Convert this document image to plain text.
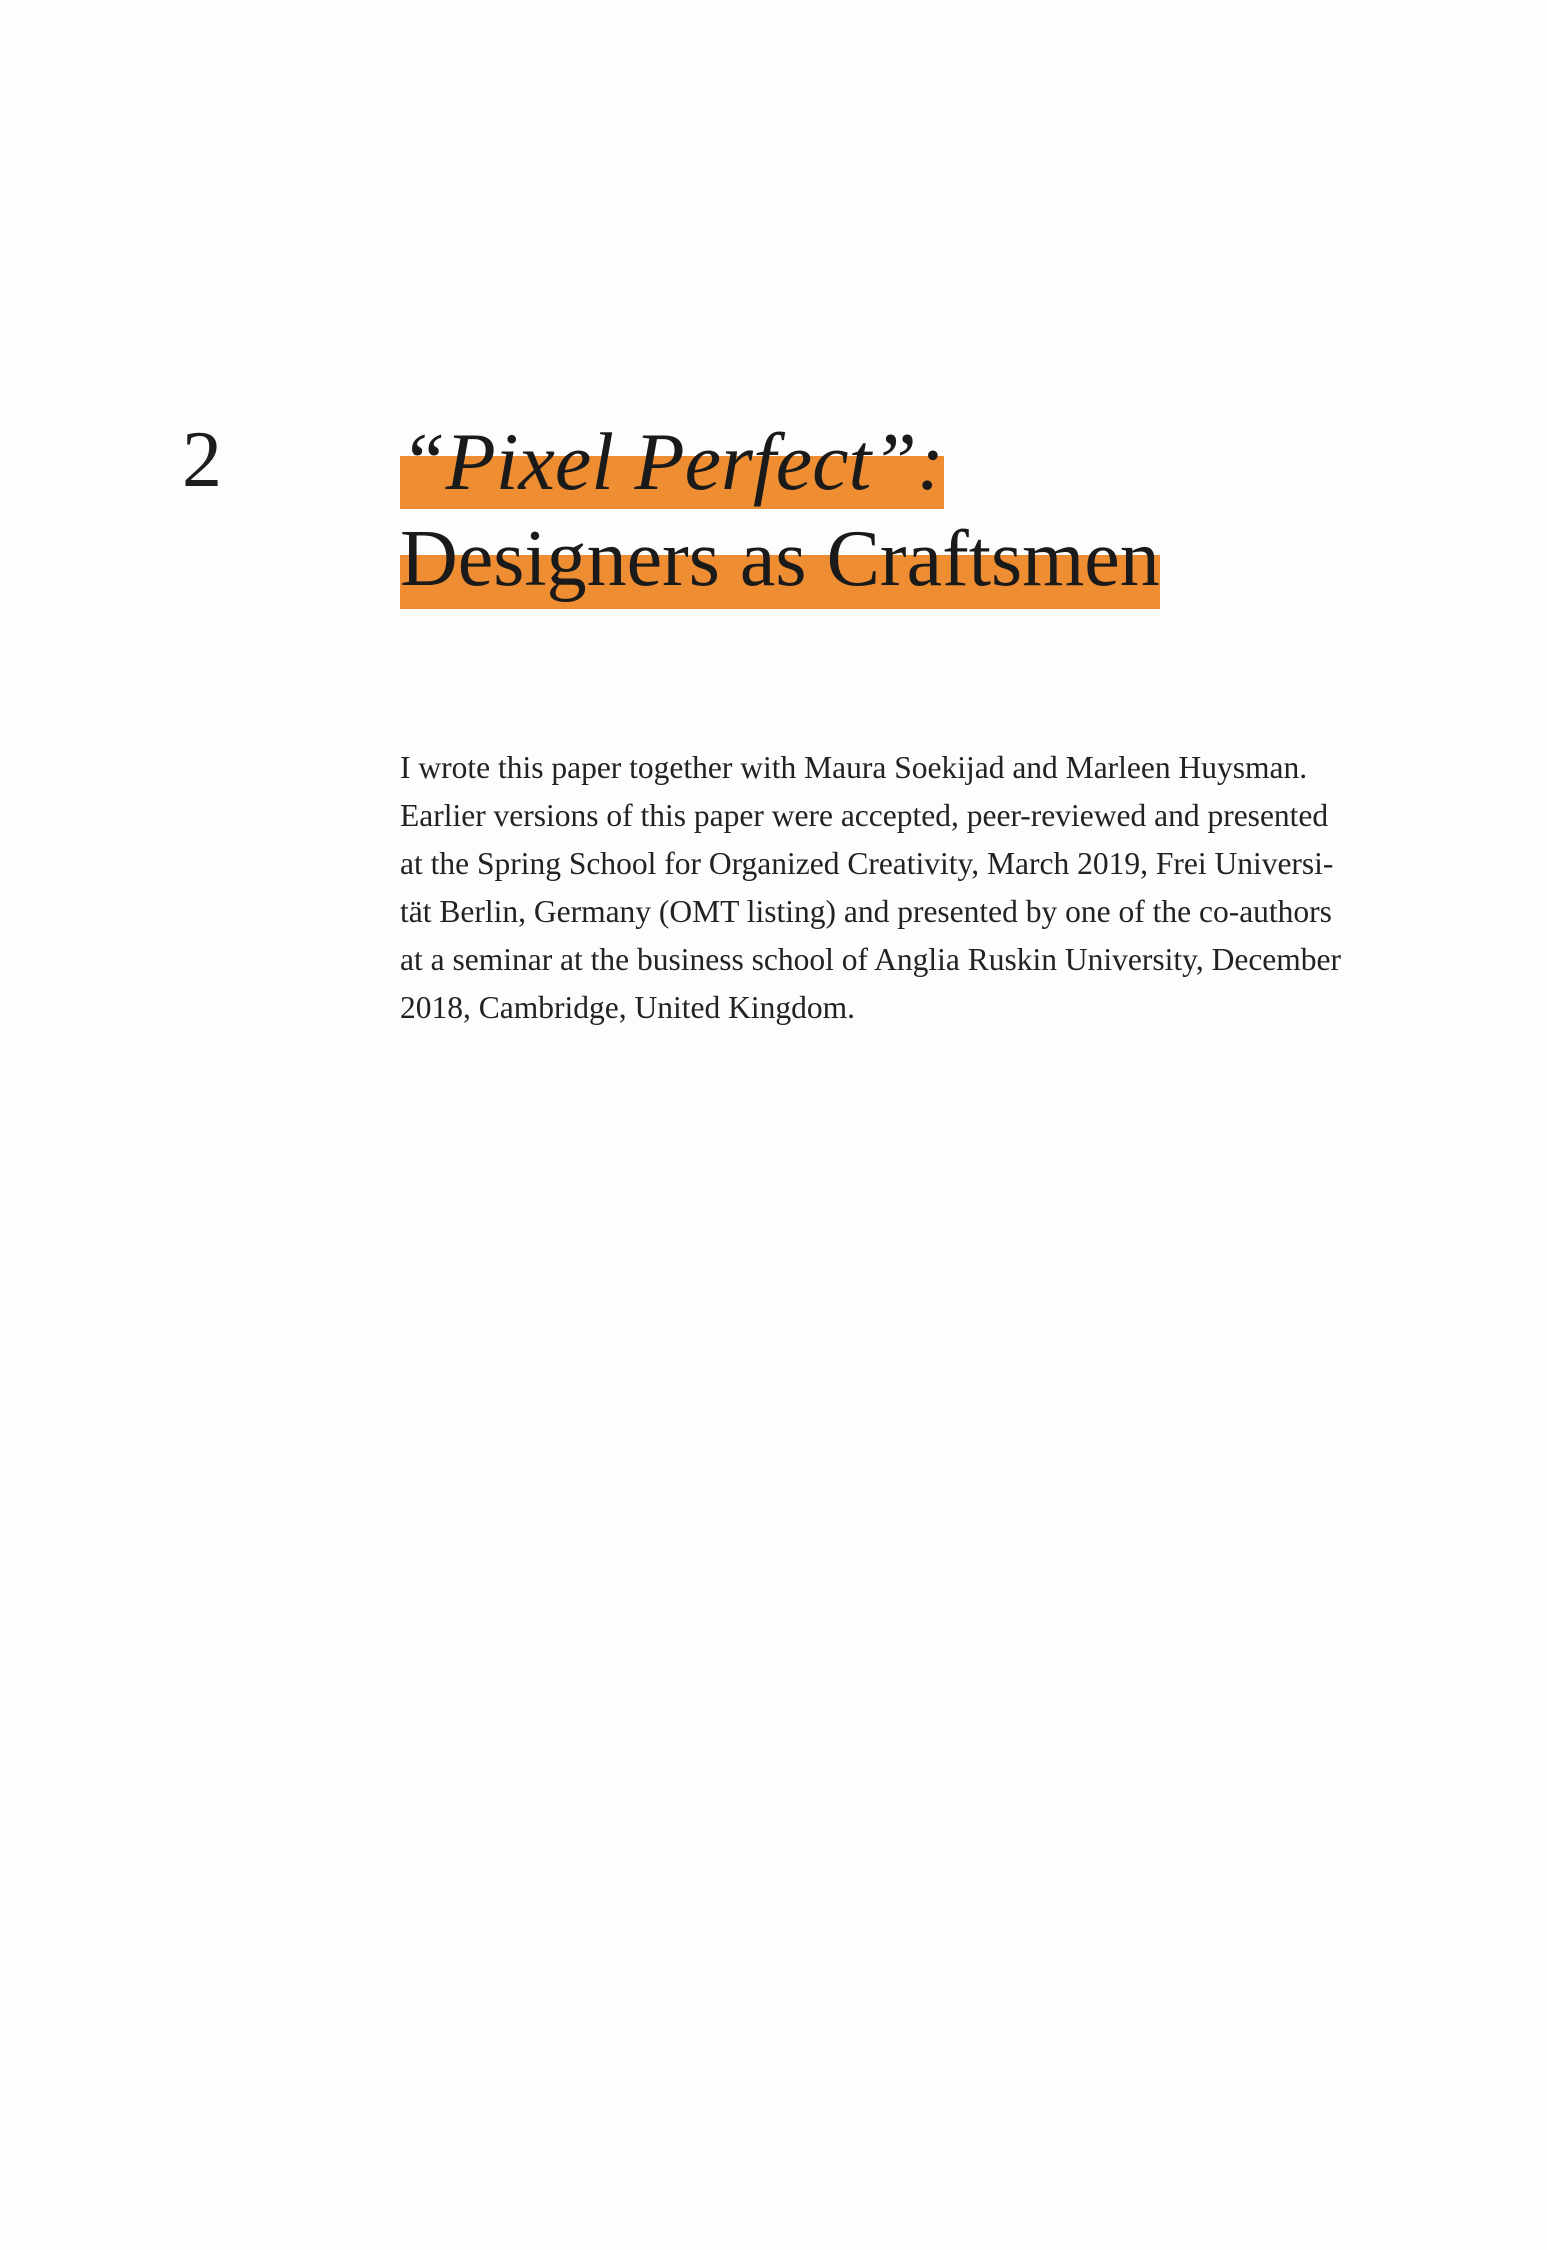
2 “Pixel Perfect”:
Designers as Craftsmen
I wrote this paper together with Maura Soekijad and Marleen Huysman.
Earlier versions of this paper were accepted, peer-reviewed and presented
at the Spring School for Organized Creativity, March 2019, Frei Universi-
tät Berlin, Germany (OMT listing) and presented by one of the co-authors
at a seminar at the business school of Anglia Ruskin University, December
2018, Cambridge, United Kingdom.
